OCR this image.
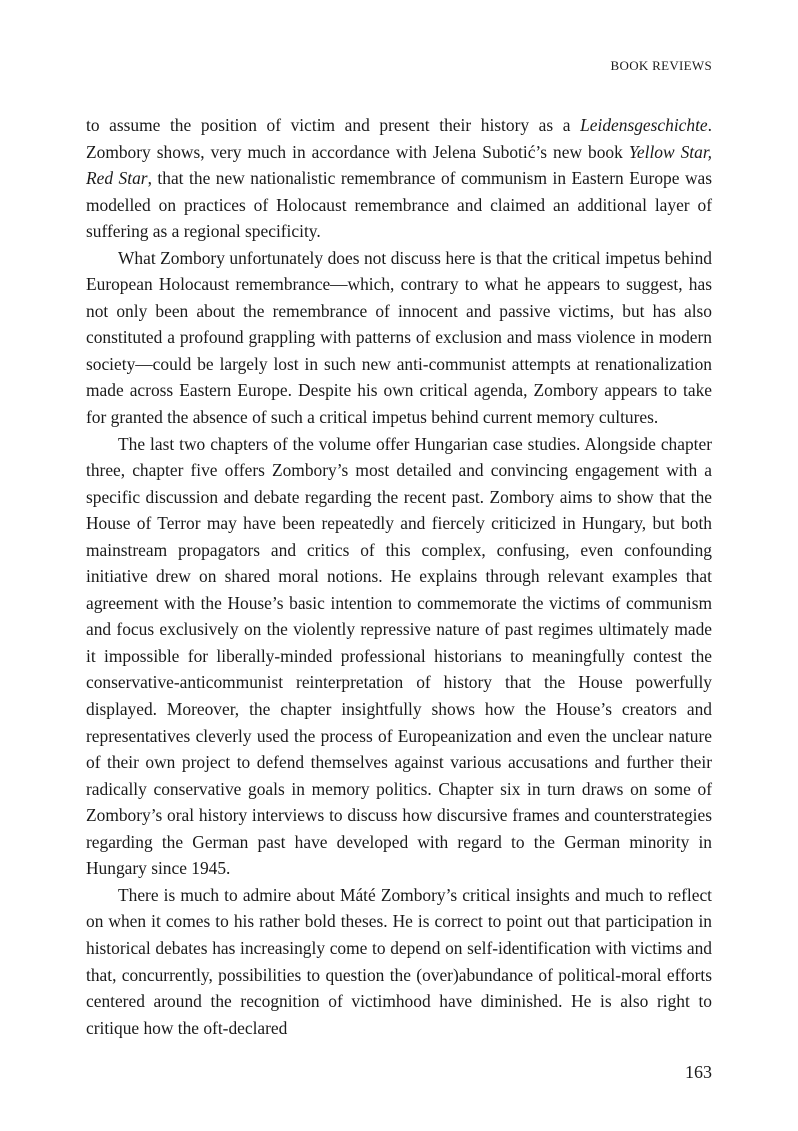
BOOK REVIEWS

to assume the position of victim and present their history as a Leidensgeschichte. Zombory shows, very much in accordance with Jelena Subotić’s new book Yellow Star, Red Star, that the new nationalistic remembrance of communism in Eastern Europe was modelled on practices of Holocaust remembrance and claimed an additional layer of suffering as a regional specificity.

What Zombory unfortunately does not discuss here is that the critical impetus behind European Holocaust remembrance—which, contrary to what he appears to suggest, has not only been about the remembrance of innocent and passive victims, but has also constituted a profound grappling with patterns of exclusion and mass violence in modern society—could be largely lost in such new anti-communist attempts at renationalization made across Eastern Europe. Despite his own critical agenda, Zombory appears to take for granted the absence of such a critical impetus behind current memory cultures.

The last two chapters of the volume offer Hungarian case studies. Alongside chapter three, chapter five offers Zombory’s most detailed and convincing engagement with a specific discussion and debate regarding the recent past. Zombory aims to show that the House of Terror may have been repeatedly and fiercely criticized in Hungary, but both mainstream propagators and critics of this complex, confusing, even confounding initiative drew on shared moral notions. He explains through relevant examples that agreement with the House’s basic intention to commemorate the victims of communism and focus exclusively on the violently repressive nature of past regimes ultimately made it impossible for liberally-minded professional historians to meaningfully contest the conservative-anticommunist reinterpretation of history that the House powerfully displayed. Moreover, the chapter insightfully shows how the House’s creators and representatives cleverly used the process of Europeanization and even the unclear nature of their own project to defend themselves against various accusations and further their radically conservative goals in memory politics. Chapter six in turn draws on some of Zombory’s oral history interviews to discuss how discursive frames and counterstrategies regarding the German past have developed with regard to the German minority in Hungary since 1945.

There is much to admire about Máté Zombory’s critical insights and much to reflect on when it comes to his rather bold theses. He is correct to point out that participation in historical debates has increasingly come to depend on self-identification with victims and that, concurrently, possibilities to question the (over)abundance of political-moral efforts centered around the recognition of victimhood have diminished. He is also right to critique how the oft-declared

163
